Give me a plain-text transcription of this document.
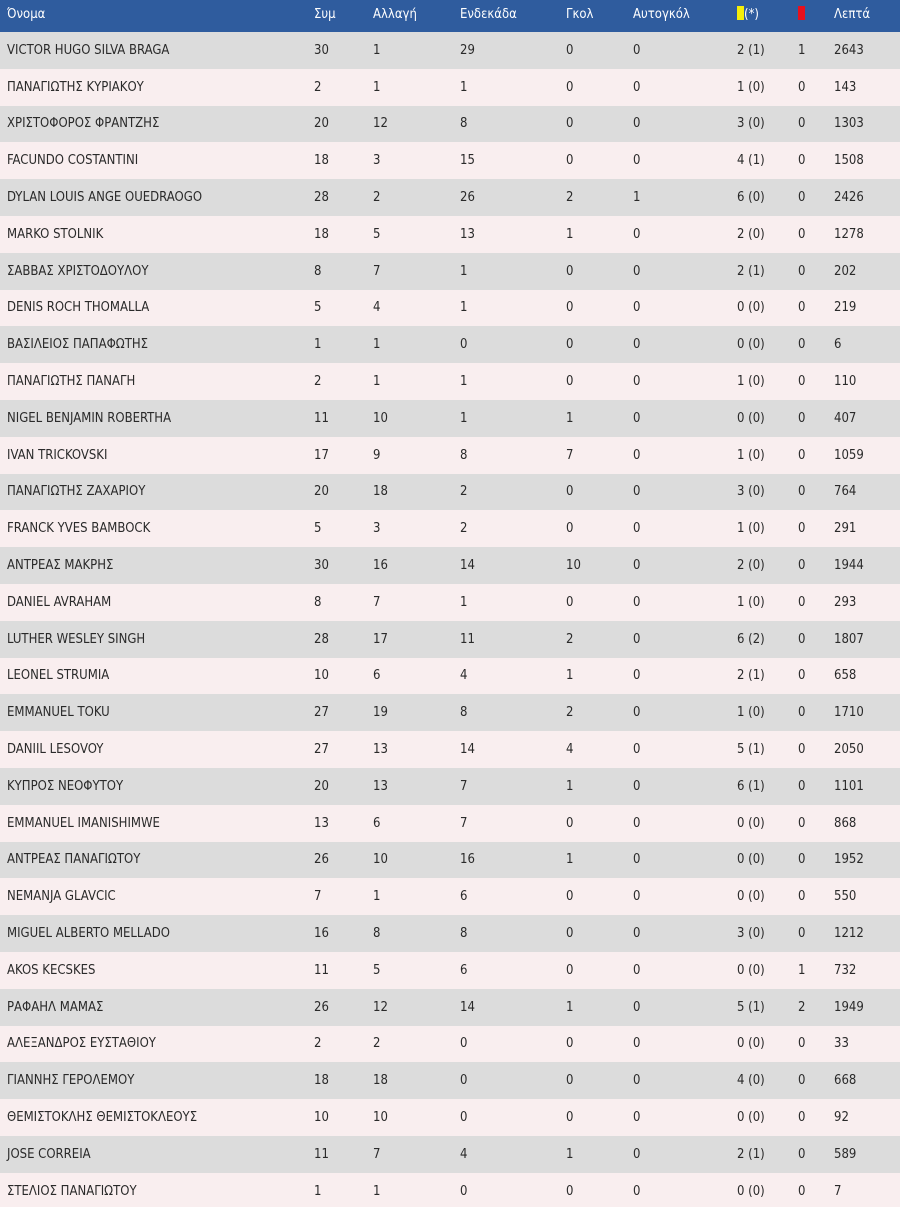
Όνομα	Συμ	Αλλαγή	Ενδεκάδα	Γκολ	Αυτογκόλ	(*)		Λεπτά
VICTOR HUGO SILVA BRAGA	30	1	29	0	0	2 (1)	1	2643
ΠΑΝΑΓΙΩΤΗΣ ΚΥΡΙΑΚΟΥ	2	1	1	0	0	1 (0)	0	143
ΧΡΙΣΤΟΦΟΡΟΣ ΦΡΑΝΤΖΗΣ	20	12	8	0	0	3 (0)	0	1303
FACUNDO COSTANTINI	18	3	15	0	0	4 (1)	0	1508
DYLAN LOUIS ANGE OUEDRAOGO	28	2	26	2	1	6 (0)	0	2426
MARKO STOLNIK	18	5	13	1	0	2 (0)	0	1278
ΣΑΒΒΑΣ ΧΡΙΣΤΟΔΟΥΛΟΥ	8	7	1	0	0	2 (1)	0	202
DENIS ROCH THOMALLA	5	4	1	0	0	0 (0)	0	219
ΒΑΣΙΛΕΙΟΣ ΠΑΠΑΦΩΤΗΣ	1	1	0	0	0	0 (0)	0	6
ΠΑΝΑΓΙΩΤΗΣ ΠΑΝΑΓΗ	2	1	1	0	0	1 (0)	0	110
NIGEL BENJAMIN ROBERTHA	11	10	1	1	0	0 (0)	0	407
IVAN TRICKOVSKI	17	9	8	7	0	1 (0)	0	1059
ΠΑΝΑΓΙΩΤΗΣ ΖΑΧΑΡΙΟΥ	20	18	2	0	0	3 (0)	0	764
FRANCK YVES BAMBOCK	5	3	2	0	0	1 (0)	0	291
ΑΝΤΡΕΑΣ ΜΑΚΡΗΣ	30	16	14	10	0	2 (0)	0	1944
DANIEL AVRAHAM	8	7	1	0	0	1 (0)	0	293
LUTHER WESLEY SINGH	28	17	11	2	0	6 (2)	0	1807
LEONEL STRUMIA	10	6	4	1	0	2 (1)	0	658
EMMANUEL TOKU	27	19	8	2	0	1 (0)	0	1710
DANIIL LESOVOY	27	13	14	4	0	5 (1)	0	2050
ΚΥΠΡΟΣ ΝΕΟΦΥΤΟΥ	20	13	7	1	0	6 (1)	0	1101
EMMANUEL IMANISHIMWE	13	6	7	0	0	0 (0)	0	868
ΑΝΤΡΕΑΣ ΠΑΝΑΓΙΩΤΟΥ	26	10	16	1	0	0 (0)	0	1952
NEMANJA GLAVCIC	7	1	6	0	0	0 (0)	0	550
MIGUEL ALBERTO MELLADO	16	8	8	0	0	3 (0)	0	1212
AKOS KECSKES	11	5	6	0	0	0 (0)	1	732
ΡΑΦΑΗΛ ΜΑΜΑΣ	26	12	14	1	0	5 (1)	2	1949
ΑΛΕΞΑΝΔΡΟΣ ΕΥΣΤΑΘΙΟΥ	2	2	0	0	0	0 (0)	0	33
ΓΙΑΝΝΗΣ ΓΕΡΟΛΕΜΟΥ	18	18	0	0	0	4 (0)	0	668
ΘΕΜΙΣΤΟΚΛΗΣ ΘΕΜΙΣΤΟΚΛΕΟΥΣ	10	10	0	0	0	0 (0)	0	92
JOSE CORREIA	11	7	4	1	0	2 (1)	0	589
ΣΤΕΛΙΟΣ ΠΑΝΑΓΙΩΤΟΥ	1	1	0	0	0	0 (0)	0	7
